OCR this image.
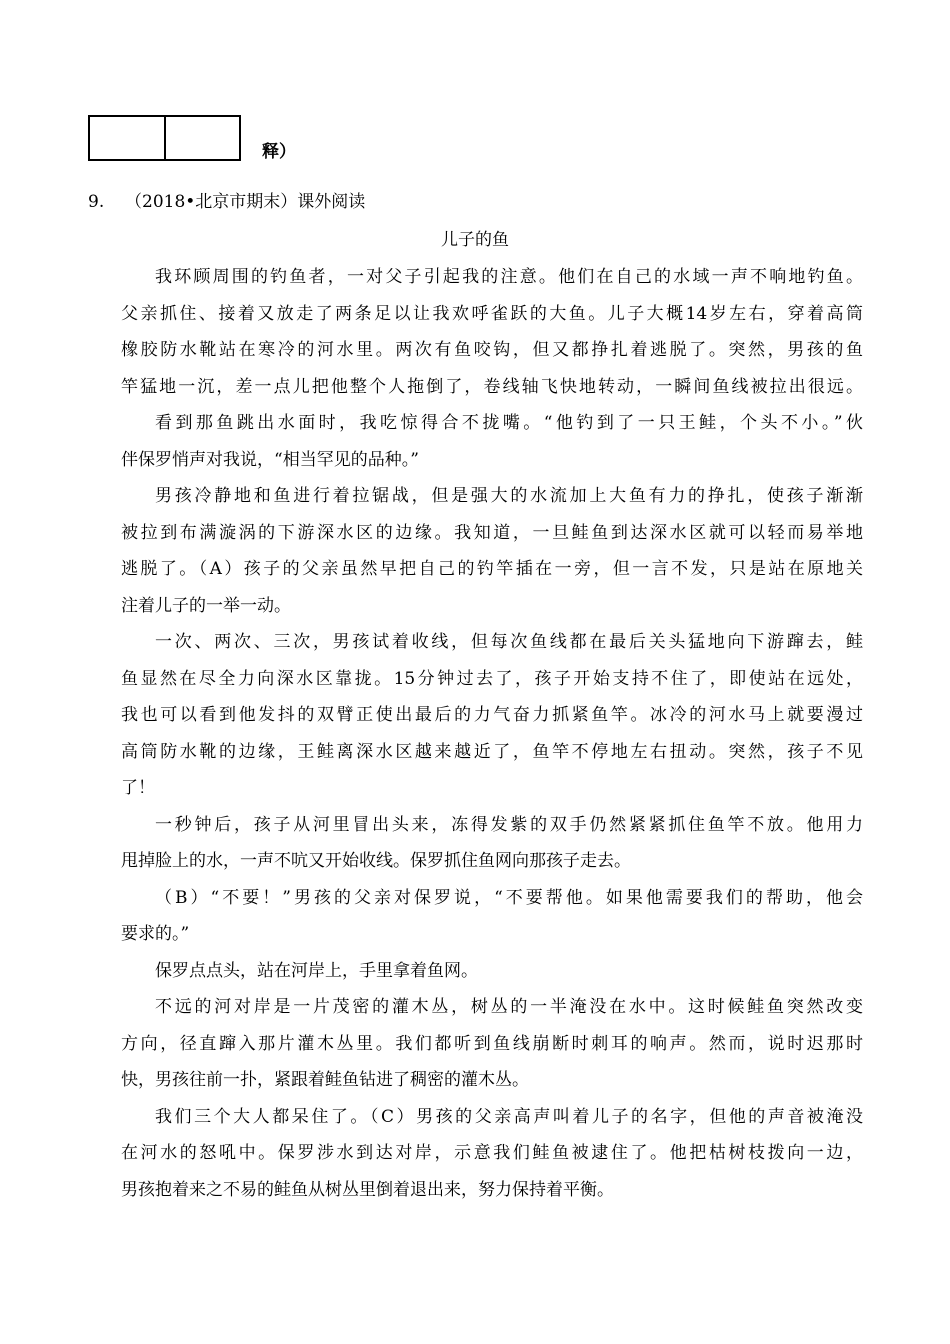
释）
9. （2018•北京市期末）课外阅读
儿子的鱼
我环顾周围的钓鱼者，一对父子引起我的注意。他们在自己的水域一声不响地钓鱼。
父亲抓住、接着又放走了两条足以让我欢呼雀跃的大鱼。儿子大概14岁左右，穿着高筒
橡胶防水靴站在寒冷的河水里。两次有鱼咬钩，但又都挣扎着逃脱了。突然，男孩的鱼
竿猛地一沉，差一点儿把他整个人拖倒了，卷线轴飞快地转动，一瞬间鱼线被拉出很远。
看到那鱼跳出水面时，我吃惊得合不拢嘴。“他钓到了一只王鲑，个头不小。”伙
伴保罗悄声对我说，“相当罕见的品种。”
男孩冷静地和鱼进行着拉锯战，但是强大的水流加上大鱼有力的挣扎，使孩子渐渐
被拉到布满漩涡的下游深水区的边缘。我知道，一旦鲑鱼到达深水区就可以轻而易举地
逃脱了。（A）孩子的父亲虽然早把自己的钓竿插在一旁，但一言不发，只是站在原地关
注着儿子的一举一动。
一次、两次、三次，男孩试着收线，但每次鱼线都在最后关头猛地向下游蹿去，鲑
鱼显然在尽全力向深水区靠拢。15分钟过去了，孩子开始支持不住了，即使站在远处，
我也可以看到他发抖的双臂正使出最后的力气奋力抓紧鱼竿。冰冷的河水马上就要漫过
高筒防水靴的边缘，王鲑离深水区越来越近了，鱼竿不停地左右扭动。突然，孩子不见
了！
一秒钟后，孩子从河里冒出头来，冻得发紫的双手仍然紧紧抓住鱼竿不放。他用力
甩掉脸上的水，一声不吭又开始收线。保罗抓住鱼网向那孩子走去。
（B）“不要！”男孩的父亲对保罗说，“不要帮他。如果他需要我们的帮助，他会
要求的。”
保罗点点头，站在河岸上，手里拿着鱼网。
不远的河对岸是一片茂密的灌木丛，树丛的一半淹没在水中。这时候鲑鱼突然改变
方向，径直蹿入那片灌木丛里。我们都听到鱼线崩断时刺耳的响声。然而，说时迟那时
快，男孩往前一扑，紧跟着鲑鱼钻进了稠密的灌木丛。
我们三个大人都呆住了。（C）男孩的父亲高声叫着儿子的名字，但他的声音被淹没
在河水的怒吼中。保罗涉水到达对岸，示意我们鲑鱼被逮住了。他把枯树枝拨向一边，
男孩抱着来之不易的鲑鱼从树丛里倒着退出来，努力保持着平衡。
